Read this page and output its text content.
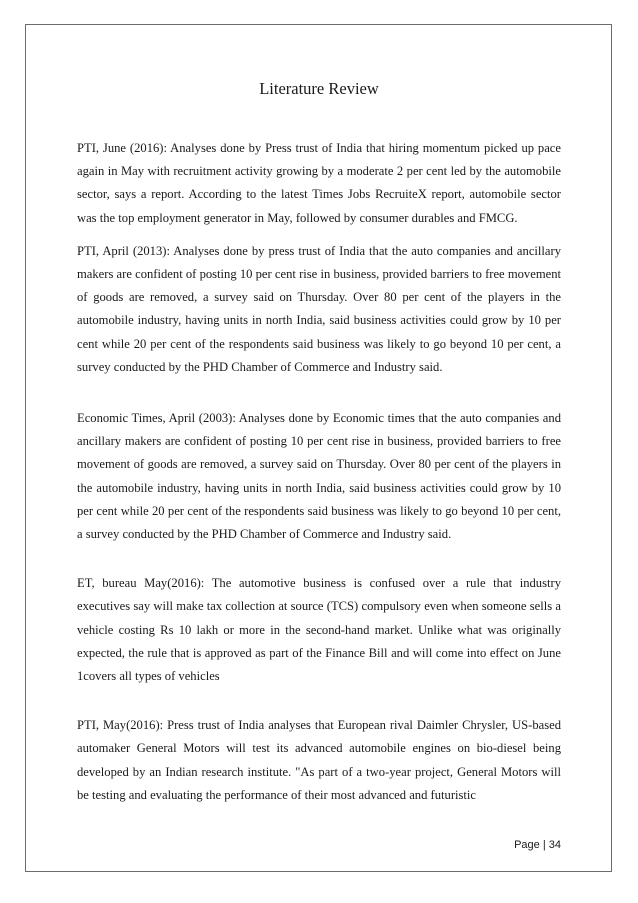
Literature Review

PTI, June (2016): Analyses done by Press trust of India that hiring momentum picked up pace again in May with recruitment activity growing by a moderate 2 per cent led by the automobile sector, says a report. According to the latest Times Jobs RecruiteX report, automobile sector was the top employment generator in May, followed by consumer durables and FMCG.

PTI, April (2013): Analyses done by press trust of India that the auto companies and ancillary makers are confident of posting 10 per cent rise in business, provided barriers to free movement of goods are removed, a survey said on Thursday. Over 80 per cent of the players in the automobile industry, having units in north India, said business activities could grow by 10 per cent while 20 per cent of the respondents said business was likely to go beyond 10 per cent, a survey conducted by the PHD Chamber of Commerce and Industry said.

Economic Times, April (2003): Analyses done by Economic times that the auto companies and ancillary makers are confident of posting 10 per cent rise in business, provided barriers to free movement of goods are removed, a survey said on Thursday. Over 80 per cent of the players in the automobile industry, having units in north India, said business activities could grow by 10 per cent while 20 per cent of the respondents said business was likely to go beyond 10 per cent, a survey conducted by the PHD Chamber of Commerce and Industry said.

ET, bureau May(2016): The automotive business is confused over a rule that industry executives say will make tax collection at source (TCS) compulsory even when someone sells a vehicle costing Rs 10 lakh or more in the second-hand market. Unlike what was originally expected, the rule that is approved as part of the Finance Bill and will come into effect on June 1covers all types of vehicles

PTI, May(2016): Press trust of India analyses that European rival Daimler Chrysler, US-based automaker General Motors will test its advanced automobile engines on bio-diesel being developed by an Indian research institute. "As part of a two-year project, General Motors will be testing and evaluating the performance of their most advanced and futuristic

Page | 34
